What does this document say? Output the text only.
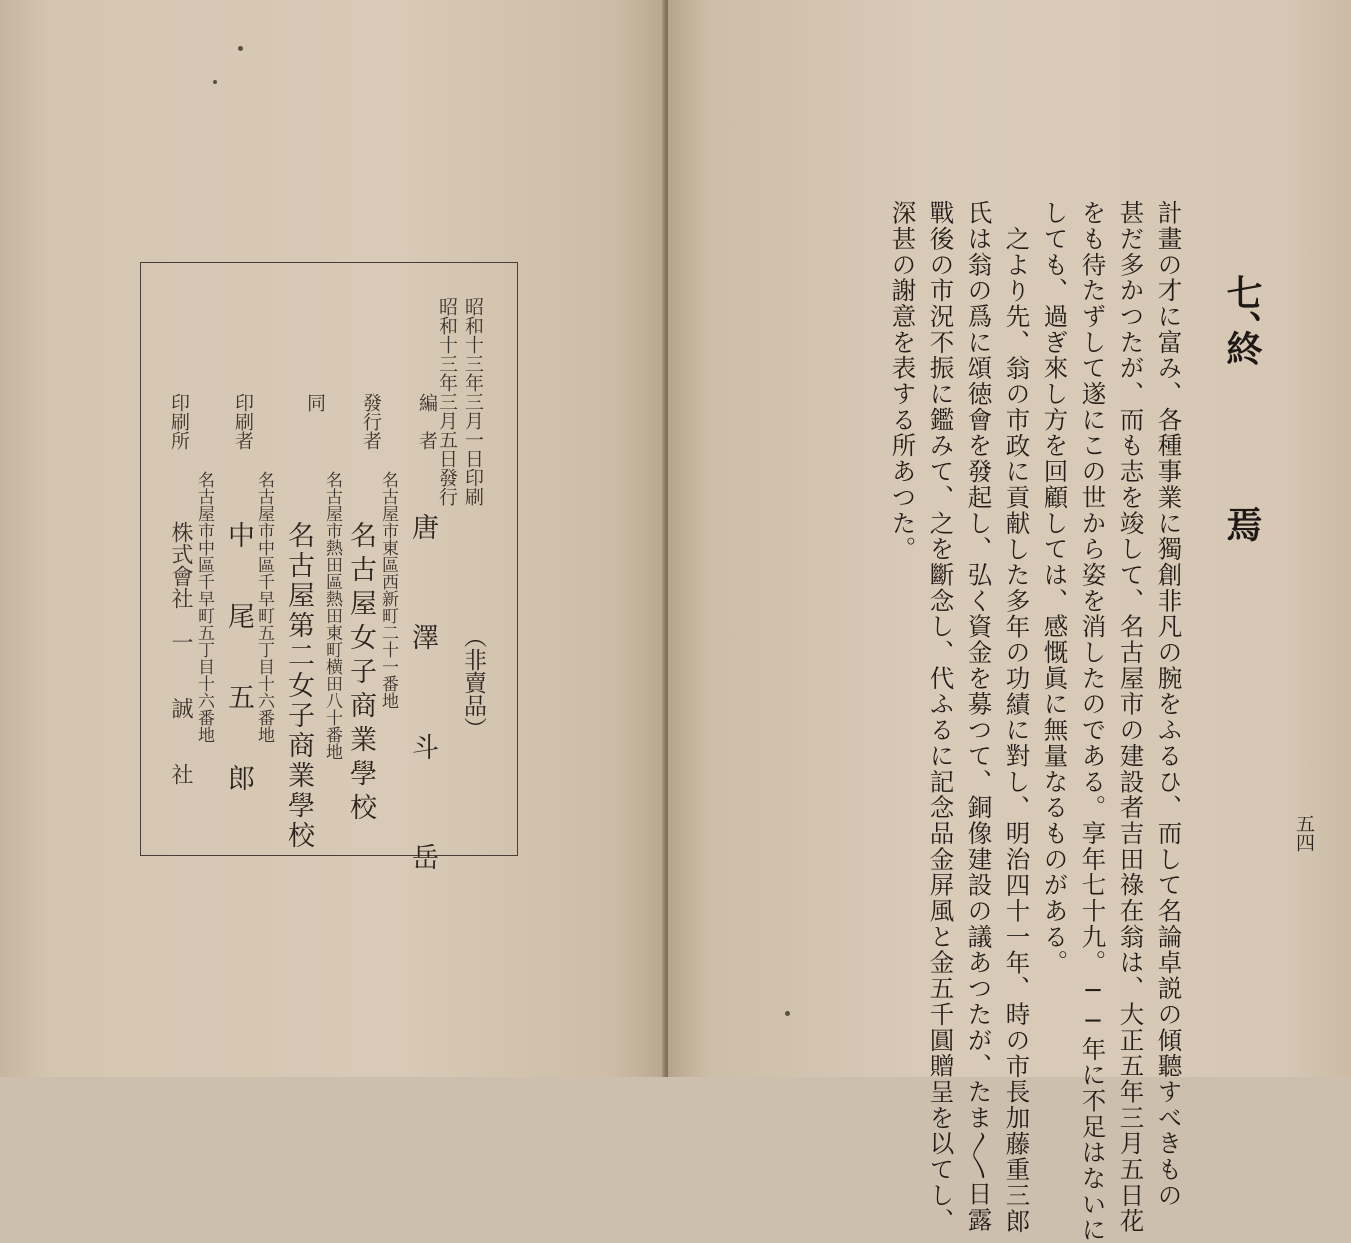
昭和十三年三月一日印刷
昭和十三年三月五日發行
（非賣品）
編　者
名古屋市東區西新町二十一番地 唐　澤　斗　岳
發行者
名古屋市熱田區熱田東町横田八十番地 名古屋女子商業學校
同
名古屋第二女子商業學校
印刷者
名古屋市中區千早町五丁目十六番地
中　　尾　　五　　郎
印刷所
名古屋市中區千早町五丁目十六番地
株式會社　一　　誠　　社
七、
終　焉
計畫の才に富み、各種事業に獨創非凡の腕をふるひ、而して名論卓説の傾聽すべきもの
甚だ多かつたが、而も志を竣して、名古屋市の建設者吉田祿在翁は、大正五年三月五日花
をも待たずして遂にこの世から姿を消したのである。享年七十九。──年に不足はないに
しても、過ぎ來し方を回顧しては、感慨眞に無量なるものがある。
之より先、翁の市政に貢献した多年の功績に對し、明治四十一年、時の市長加藤重三郎
氏は翁の爲に頌徳會を發起し、弘く資金を募つて、銅像建設の議あつたが、たま〳〵日露
戰後の市況不振に鑑みて、之を斷念し、代ふるに記念品金屏風と金五千圓贈呈を以てし、
深甚の謝意を表する所あつた。
五四
